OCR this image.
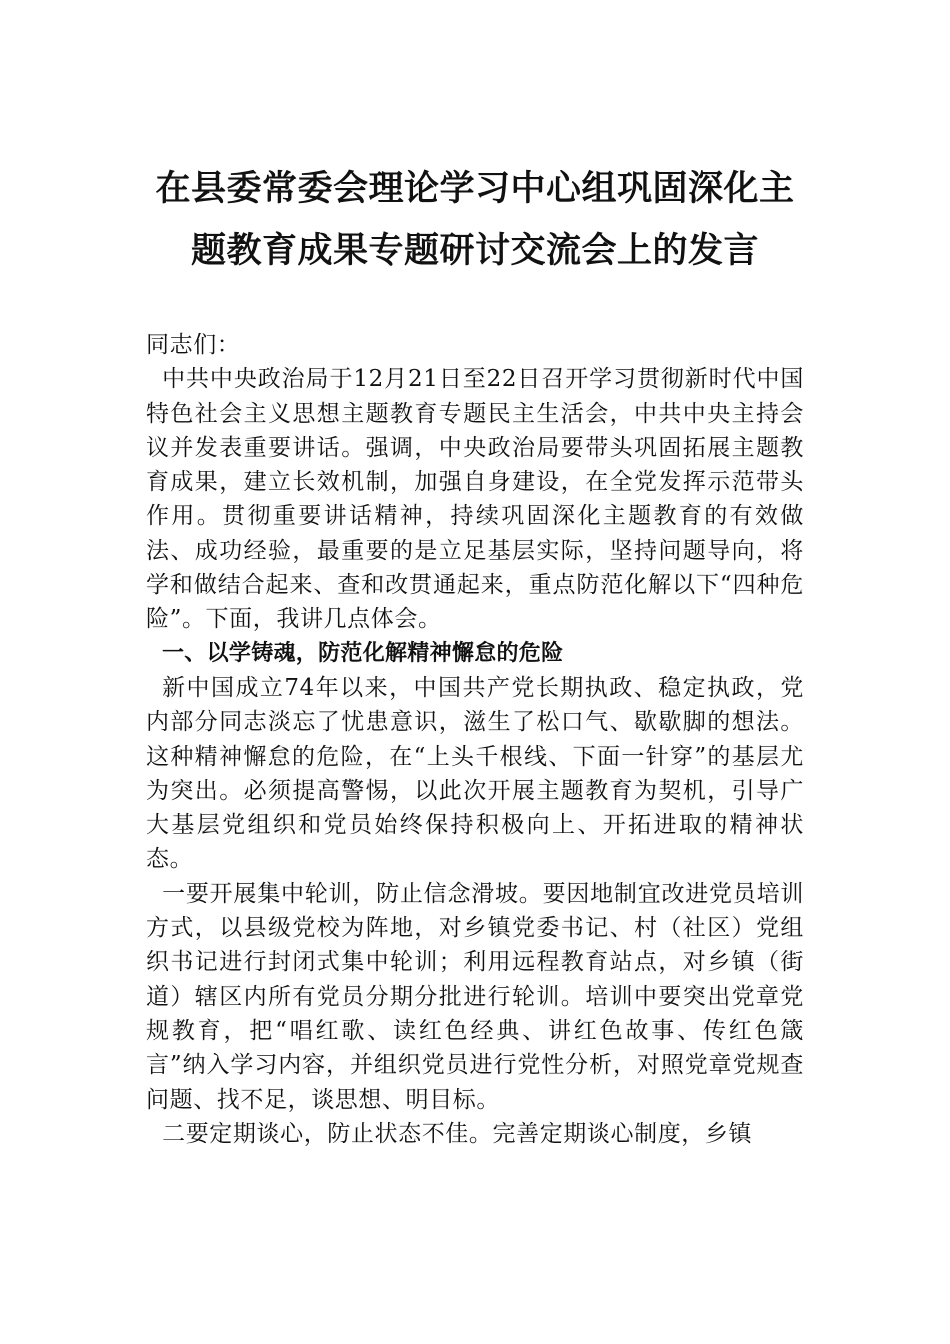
在县委常委会理论学习中心组巩固深化主
题教育成果专题研讨交流会上的发言

同志们：

中共中央政治局于12月21日至22日召开学习贯彻新时代中国特色社会主义思想主题教育专题民主生活会，中共中央主持会议并发表重要讲话。强调，中央政治局要带头巩固拓展主题教育成果，建立长效机制，加强自身建设，在全党发挥示范带头作用。贯彻重要讲话精神，持续巩固深化主题教育的有效做法、成功经验，最重要的是立足基层实际，坚持问题导向，将学和做结合起来、查和改贯通起来，重点防范化解以下“四种危险”。下面，我讲几点体会。

一、以学铸魂，防范化解精神懈怠的危险

新中国成立74年以来，中国共产党长期执政、稳定执政，党内部分同志淡忘了忧患意识，滋生了松口气、歇歇脚的想法。这种精神懈怠的危险，在“上头千根线、下面一针穿”的基层尤为突出。必须提高警惕，以此次开展主题教育为契机，引导广大基层党组织和党员始终保持积极向上、开拓进取的精神状态。

一要开展集中轮训，防止信念滑坡。要因地制宜改进党员培训方式，以县级党校为阵地，对乡镇党委书记、村（社区）党组织书记进行封闭式集中轮训；利用远程教育站点，对乡镇（街道）辖区内所有党员分期分批进行轮训。培训中要突出党章党规教育，把“唱红歌、读红色经典、讲红色故事、传红色箴言”纳入学习内容，并组织党员进行党性分析，对照党章党规查问题、找不足，谈思想、明目标。

二要定期谈心，防止状态不佳。完善定期谈心制度，乡镇
